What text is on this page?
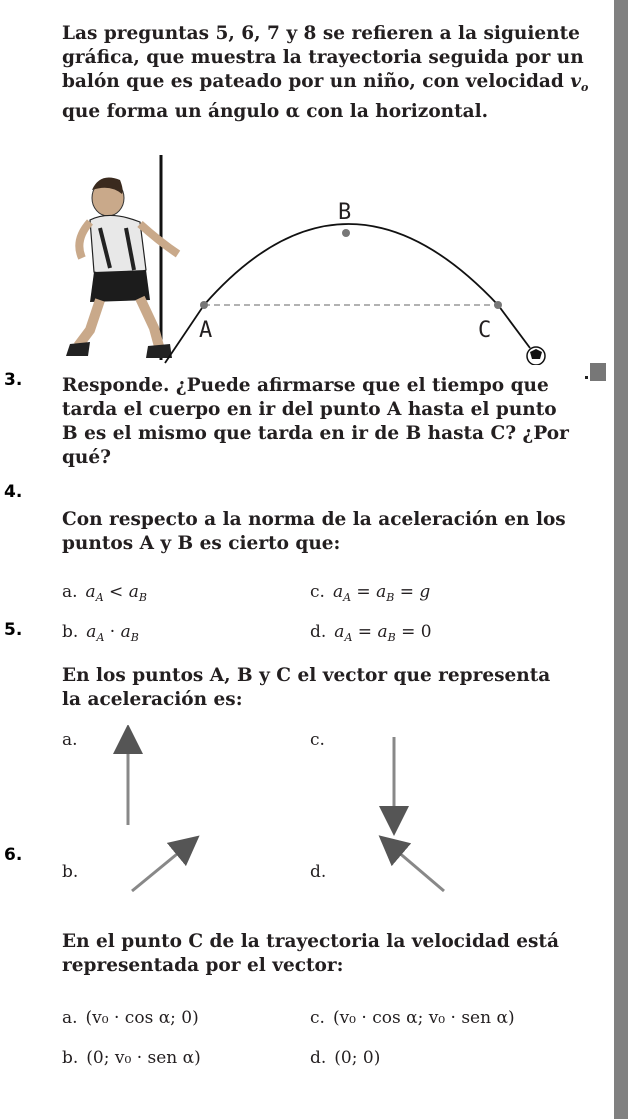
Las preguntas 5, 6, 7 y 8 se refieren a la siguiente
gráfica, que muestra la trayectoria seguida por un
balón que es pateado por un niño, con velocidad $v_o$
que forma un ángulo α con la horizontal.
B
A	C
3. Responde. ¿Puede afirmarse que el tiempo que
tarda el cuerpo en ir del punto A hasta el punto
B es el mismo que tarda en ir de B hasta C? ¿Por
qué?
4.
Con respecto a la norma de la aceleración en los
puntos A y B es cierto que:
a. $a_A < a_B$	c. $a_A = a_B = g$
b. $a_A \cdot a_B$	d. $a_A = a_B = 0$
5.
En los puntos A, B y C el vector que representa
la aceleración es:
a.	c.
b.	d.
6.
En el punto C de la trayectoria la velocidad está
representada por el vector:
a. (v₀ · cos α; 0)	c. (v₀ · cos α; v₀ · sen α)
b. (0; v₀ · sen α)	d. (0; 0)
